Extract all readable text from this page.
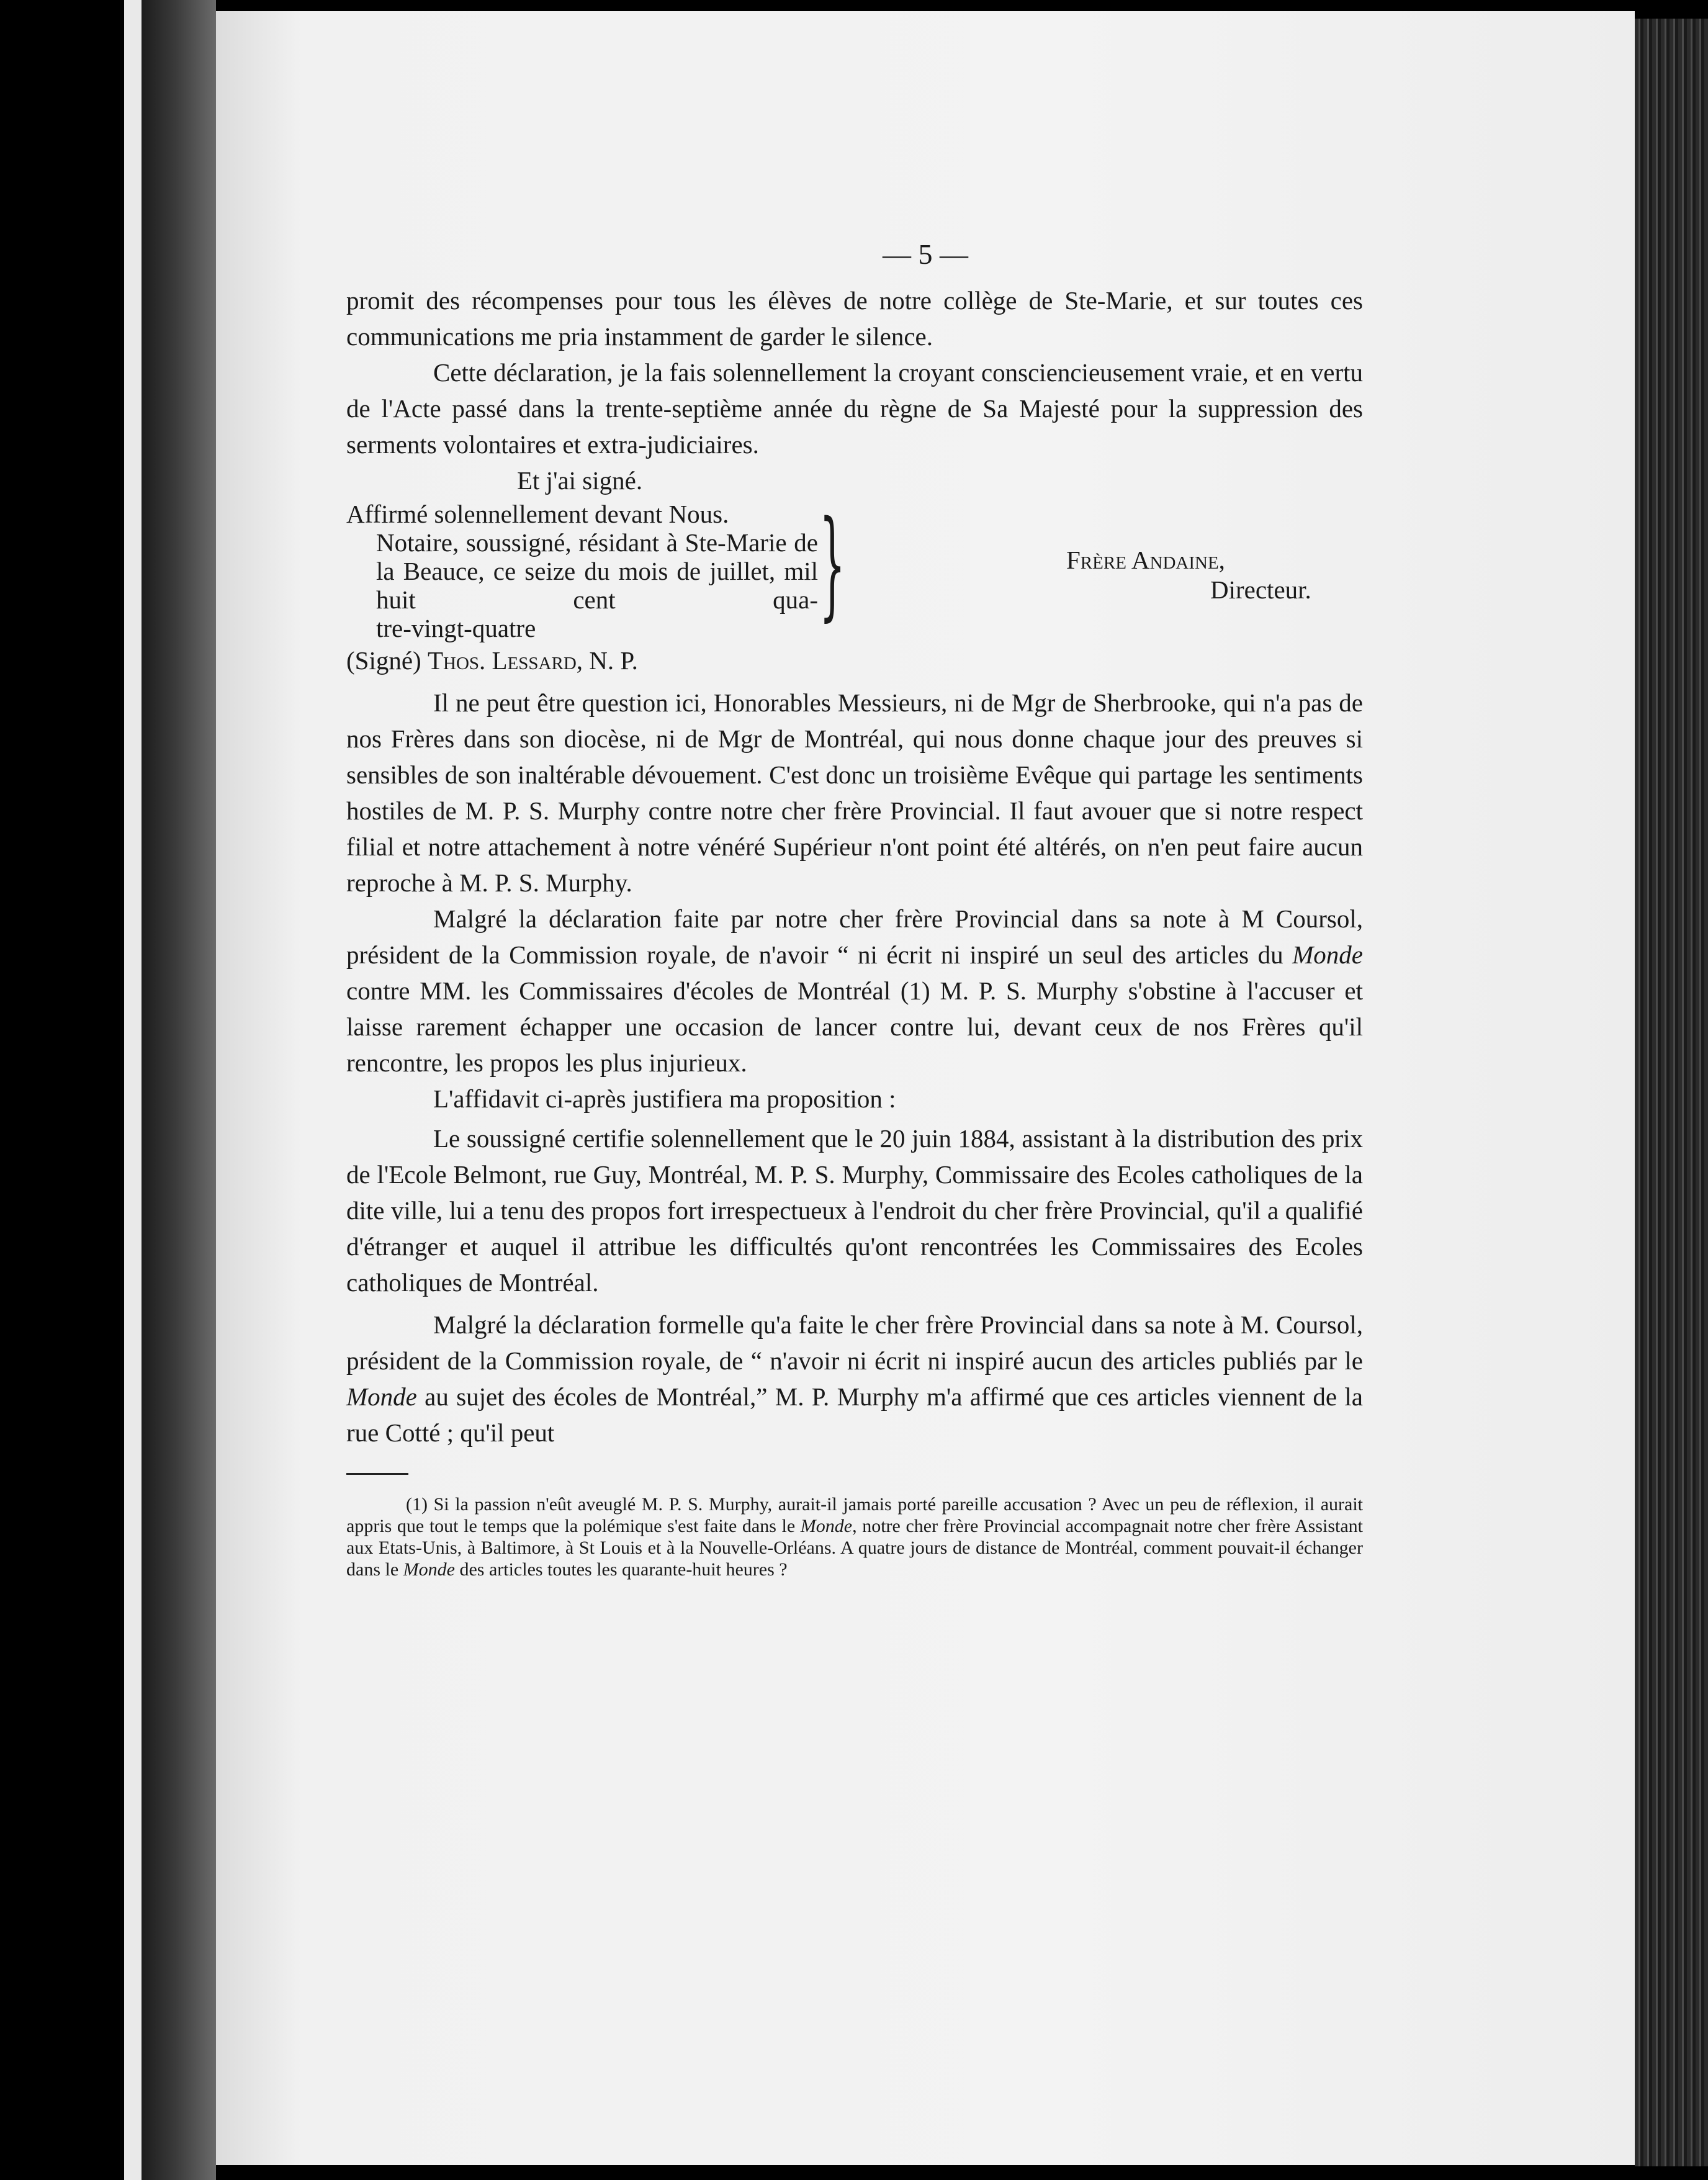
— 5 —

promit des récompenses pour tous les élèves de notre collège de Ste-Marie, et sur toutes ces communications me pria instamment de garder le silence.

Cette déclaration, je la fais solennellement la croyant consciencieusement vraie, et en vertu de l'Acte passé dans la trente-septième année du règne de Sa Majesté pour la suppression des serments volontaires et extra-judiciaires.

Et j'ai signé.

Affirmé solennellement devant Nous.

Notaire, soussigné, résidant à Ste-Marie de la Beauce, ce seize du mois de juillet, mil huit cent qua-

tre-vingt-quatre	}	Frère Andaine,
Directeur.

(Signé) Thos. Lessard, N. P.

Il ne peut être question ici, Honorables Messieurs, ni de Mgr de Sherbrooke, qui n'a pas de nos Frères dans son diocèse, ni de Mgr de Montréal, qui nous donne chaque jour des preuves si sensibles de son inaltérable dévouement. C'est donc un troisième Evêque qui partage les sentiments hostiles de M. P. S. Murphy contre notre cher frère Provincial. Il faut avouer que si notre respect filial et notre attachement à notre vénéré Supérieur n'ont point été altérés, on n'en peut faire aucun reproche à M. P. S. Murphy.

Malgré la déclaration faite par notre cher frère Provincial dans sa note à M Coursol, président de la Commission royale, de n'avoir “ ni écrit ni inspiré un seul des articles du Monde contre MM. les Commissaires d'écoles de Montréal (1) M. P. S. Murphy s'obstine à l'accuser et laisse rarement échapper une occasion de lancer contre lui, devant ceux de nos Frères qu'il rencontre, les propos les plus injurieux.

L'affidavit ci-après justifiera ma proposition :

Le soussigné certifie solennellement que le 20 juin 1884, assistant à la distribution des prix de l'Ecole Belmont, rue Guy, Montréal, M. P. S. Murphy, Commissaire des Ecoles catholiques de la dite ville, lui a tenu des propos fort irrespectueux à l'endroit du cher frère Provincial, qu'il a qualifié d'étranger et auquel il attribue les difficultés qu'ont rencontrées les Commissaires des Ecoles catholiques de Montréal.

Malgré la déclaration formelle qu'a faite le cher frère Provincial dans sa note à M. Coursol, président de la Commission royale, de “ n'avoir ni écrit ni inspiré aucun des articles publiés par le Monde au sujet des écoles de Montréal,” M. P. Murphy m'a affirmé que ces articles viennent de la rue Cotté ; qu'il peut

(1) Si la passion n'eût aveuglé M. P. S. Murphy, aurait-il jamais porté pareille accusation ? Avec un peu de réflexion, il aurait appris que tout le temps que la polémique s'est faite dans le Monde, notre cher frère Provincial accompagnait notre cher frère Assistant aux Etats-Unis, à Baltimore, à St Louis et à la Nouvelle-Orléans. A quatre jours de distance de Montréal, comment pouvait-il échanger dans le Monde des articles toutes les quarante-huit heures ?
